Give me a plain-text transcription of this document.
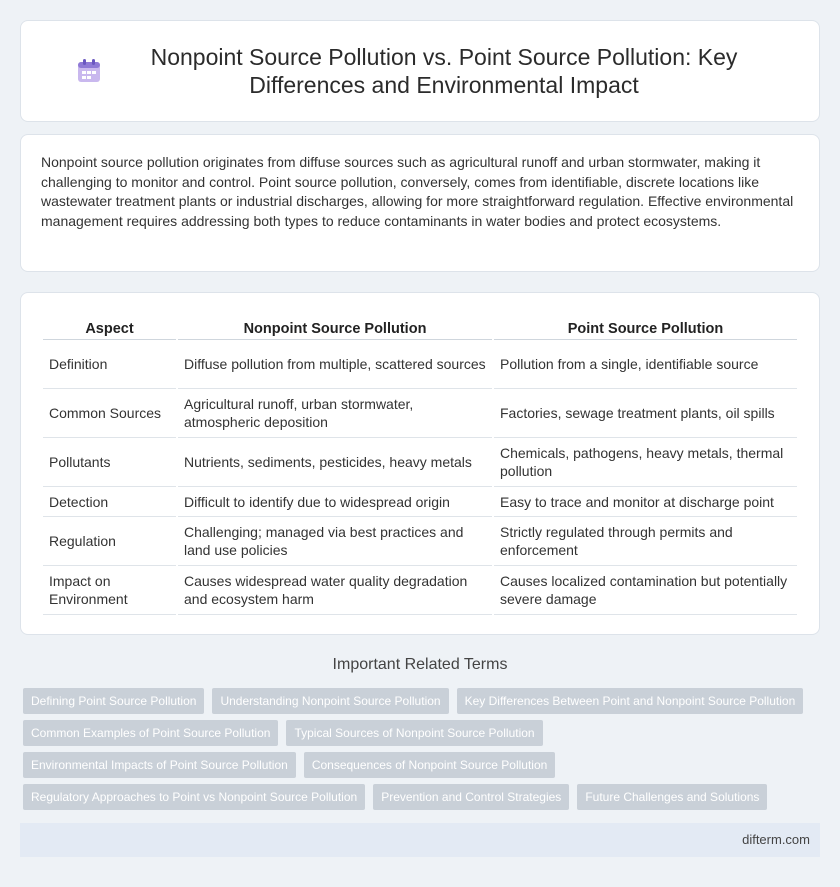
Nonpoint Source Pollution vs. Point Source Pollution: Key Differences and Environmental Impact

Nonpoint source pollution originates from diffuse sources such as agricultural runoff and urban stormwater, making it challenging to monitor and control. Point source pollution, conversely, comes from identifiable, discrete locations like wastewater treatment plants or industrial discharges, allowing for more straightforward regulation. Effective environmental management requires addressing both types to reduce contaminants in water bodies and protect ecosystems.

Aspect	Nonpoint Source Pollution	Point Source Pollution
Definition	Diffuse pollution from multiple, scattered sources	Pollution from a single, identifiable source
Common Sources	Agricultural runoff, urban stormwater, atmospheric deposition	Factories, sewage treatment plants, oil spills
Pollutants	Nutrients, sediments, pesticides, heavy metals	Chemicals, pathogens, heavy metals, thermal pollution
Detection	Difficult to identify due to widespread origin	Easy to trace and monitor at discharge point
Regulation	Challenging; managed via best practices and land use policies	Strictly regulated through permits and enforcement
Impact on Environment	Causes widespread water quality degradation and ecosystem harm	Causes localized contamination but potentially severe damage
Important Related Terms
Defining Point Source Pollution	Understanding Nonpoint Source Pollution	Key Differences Between Point and Nonpoint Source Pollution
Common Examples of Point Source Pollution	Typical Sources of Nonpoint Source Pollution
Environmental Impacts of Point Source Pollution	Consequences of Nonpoint Source Pollution
Regulatory Approaches to Point vs Nonpoint Source Pollution	Prevention and Control Strategies	Future Challenges and Solutions
difterm.com
